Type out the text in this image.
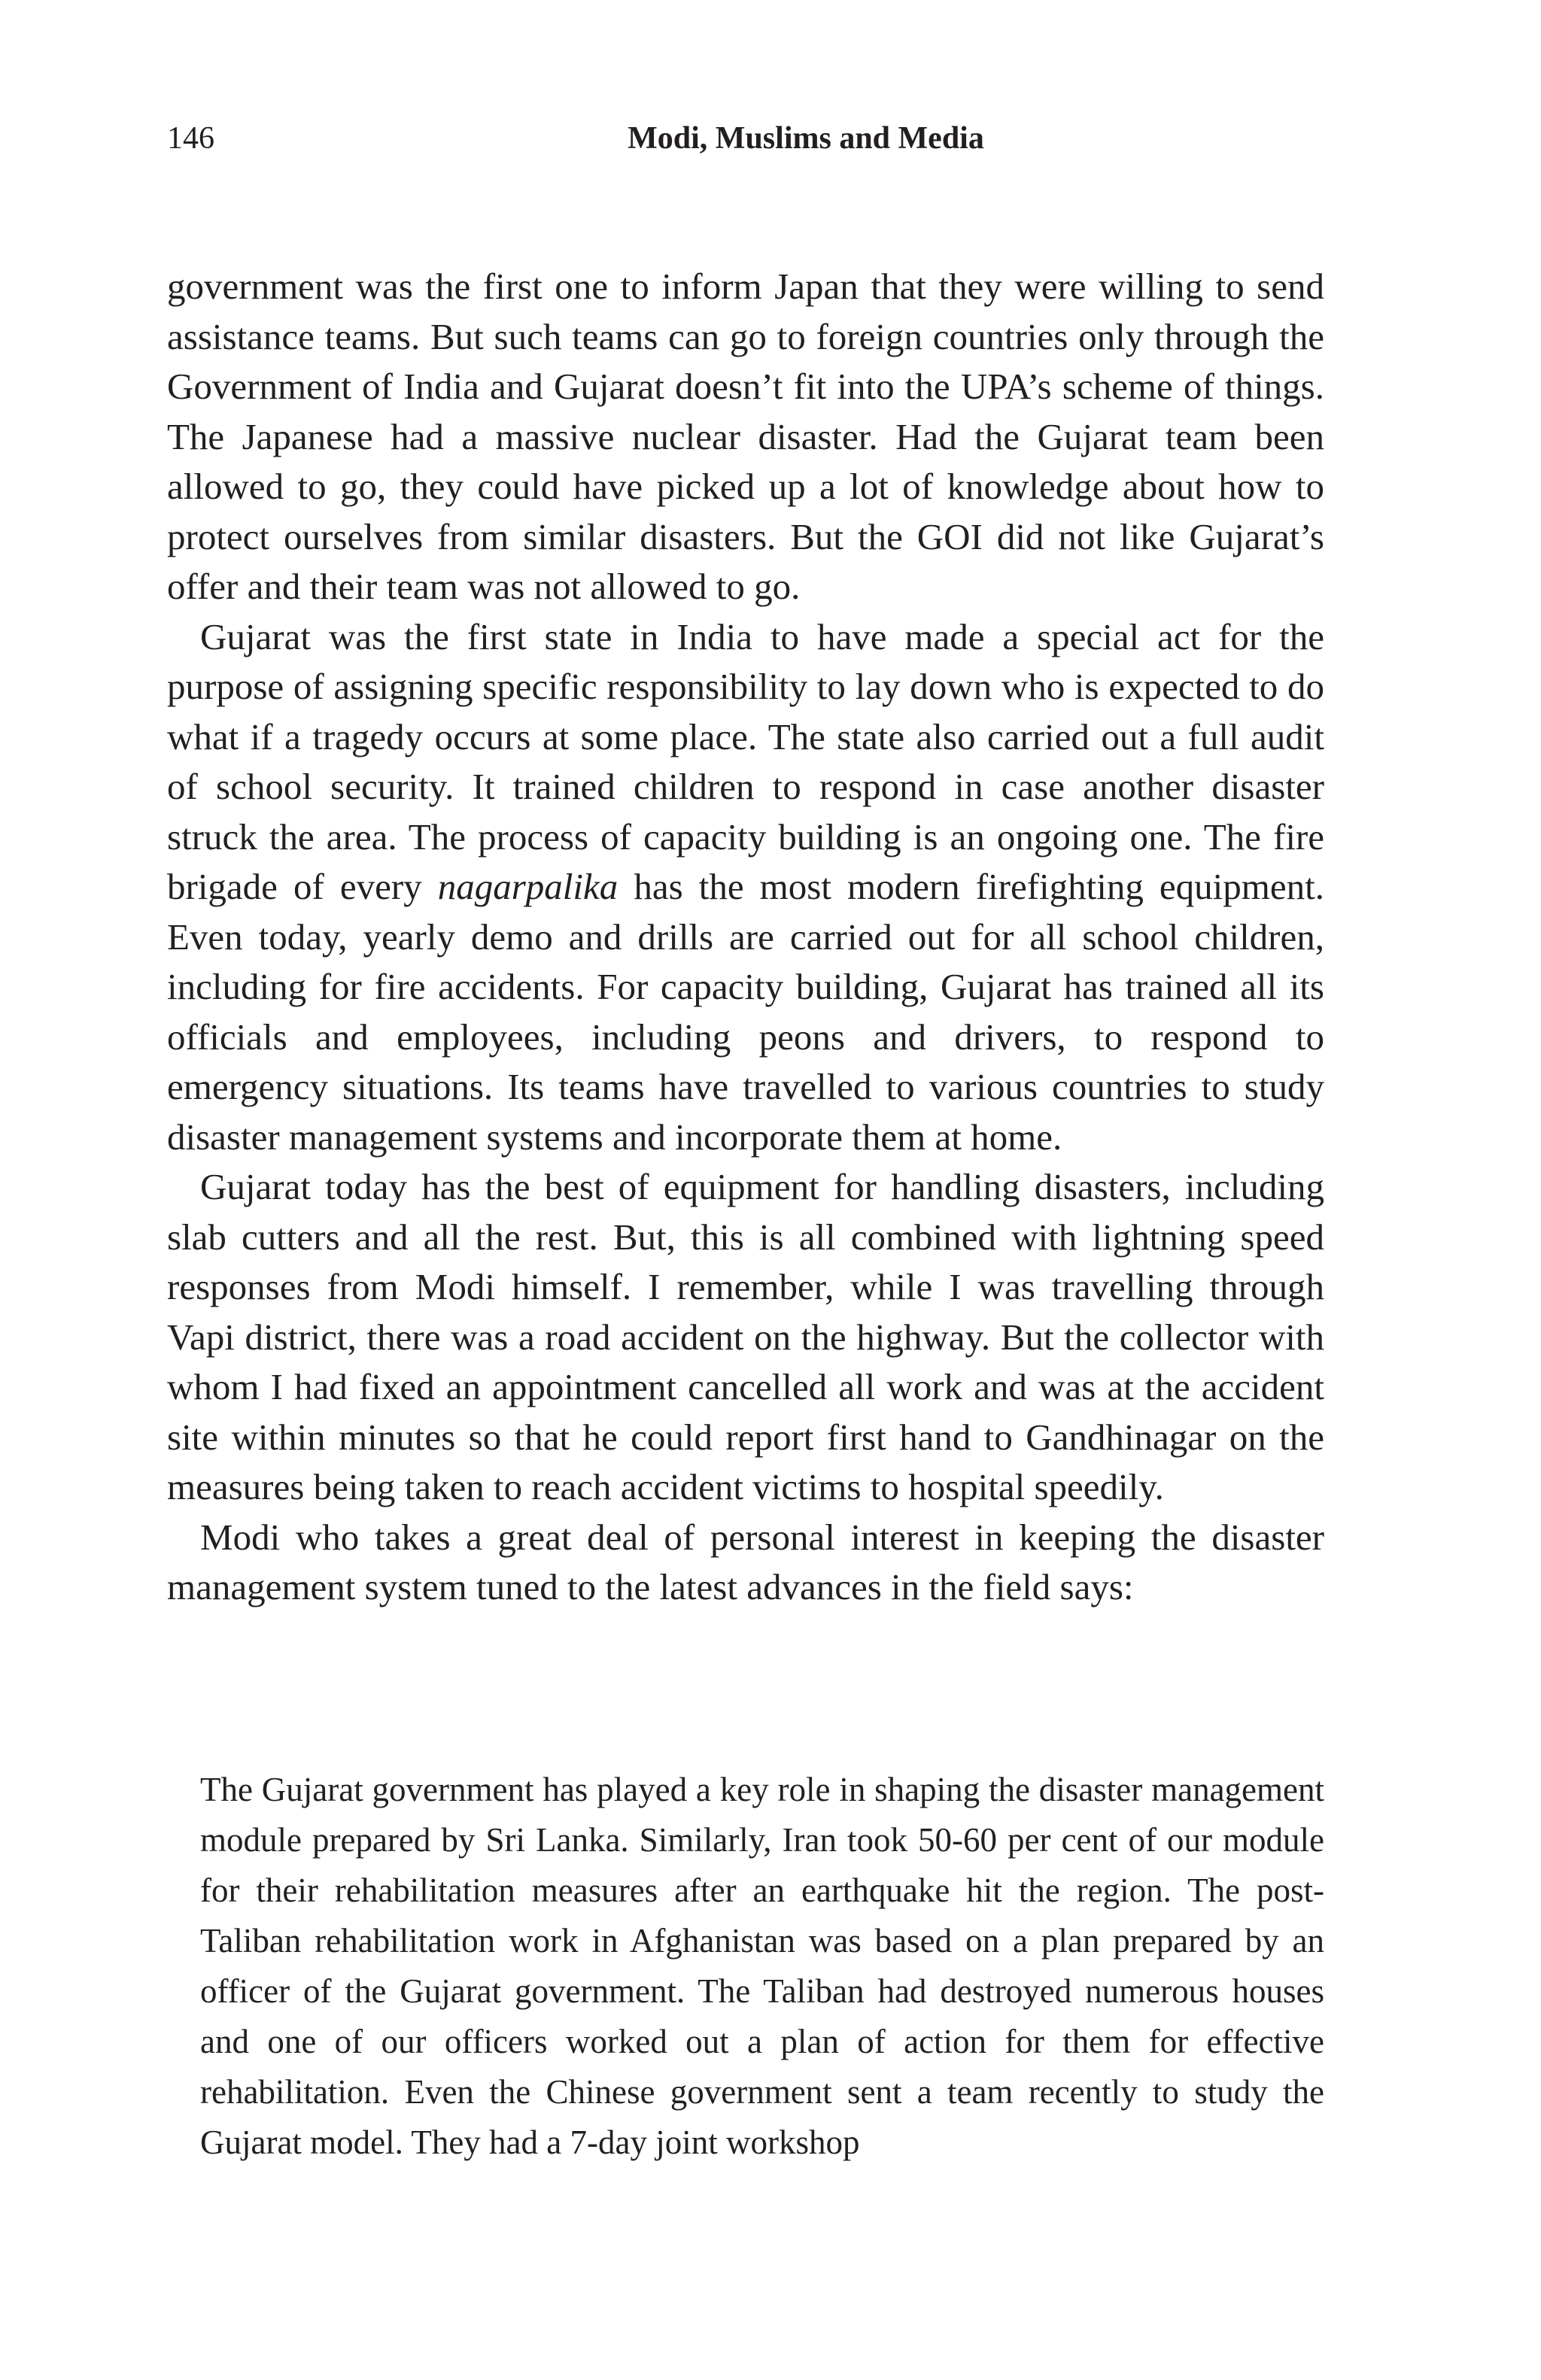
146	Modi, Muslims and Media

government was the first one to inform Japan that they were willing to send assistance teams. But such teams can go to foreign countries only through the Government of India and Gujarat doesn’t fit into the UPA’s scheme of things. The Japanese had a massive nuclear disaster. Had the Gujarat team been allowed to go, they could have picked up a lot of knowledge about how to protect ourselves from similar disasters. But the GOI did not like Gujarat’s offer and their team was not allowed to go.

Gujarat was the first state in India to have made a special act for the purpose of assigning specific responsibility to lay down who is expected to do what if a tragedy occurs at some place. The state also carried out a full audit of school security. It trained children to respond in case another disaster struck the area. The process of capacity building is an ongoing one. The fire brigade of every nagarpalika has the most modern firefighting equipment. Even today, yearly demo and drills are carried out for all school children, including for fire accidents. For capacity building, Gujarat has trained all its officials and employees, including peons and drivers, to respond to emergency situations. Its teams have travelled to various countries to study disaster management systems and incorporate them at home.

Gujarat today has the best of equipment for handling disasters, including slab cutters and all the rest. But, this is all combined with lightning speed responses from Modi himself. I remember, while I was travelling through Vapi district, there was a road accident on the highway. But the collector with whom I had fixed an appointment cancelled all work and was at the accident site within minutes so that he could report first hand to Gandhinagar on the measures being taken to reach accident victims to hospital speedily.

Modi who takes a great deal of personal interest in keeping the disaster management system tuned to the latest advances in the field says:

The Gujarat government has played a key role in shaping the disaster management module prepared by Sri Lanka. Similarly, Iran took 50-60 per cent of our module for their rehabilitation measures after an earthquake hit the region. The post-Taliban rehabilitation work in Afghanistan was based on a plan prepared by an officer of the Gujarat government. The Taliban had destroyed numerous houses and one of our officers worked out a plan of action for them for effective rehabilitation. Even the Chinese government sent a team recently to study the Gujarat model. They had a 7-day joint workshop
